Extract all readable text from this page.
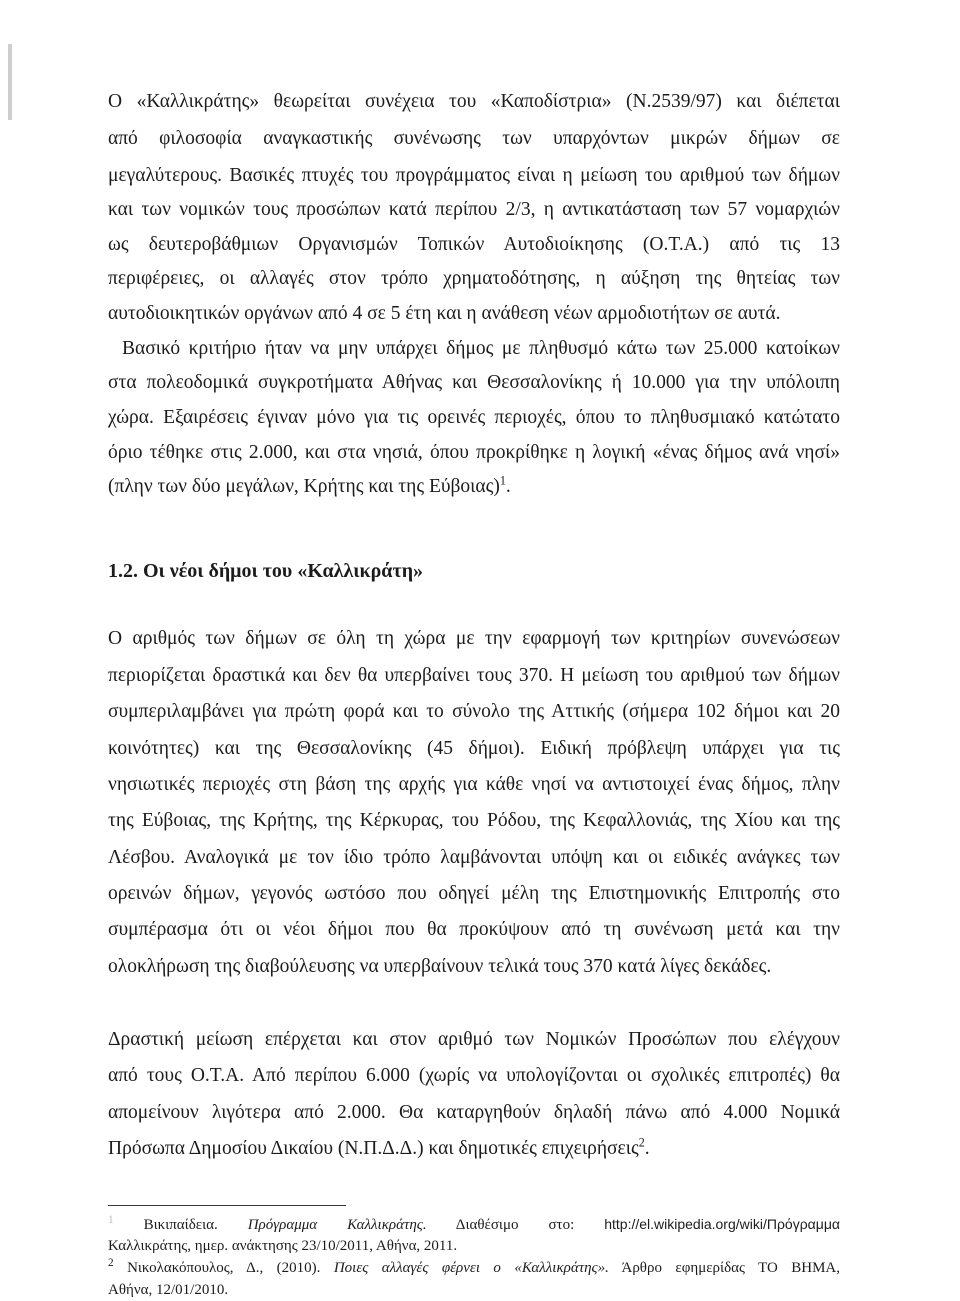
Ο «Καλλικράτης» θεωρείται συνέχεια του «Καποδίστρια» (Ν.2539/97) και διέπεται
από φιλοσοφία αναγκαστικής συνένωσης των υπαρχόντων μικρών δήμων σε
μεγαλύτερους. Βασικές πτυχές του προγράμματος είναι η μείωση του αριθμού των δήμων
και των νομικών τους προσώπων κατά περίπου 2/3, η αντικατάσταση των 57 νομαρχιών
ως δευτεροβάθμιων Οργανισμών Τοπικών Αυτοδιοίκησης (Ο.Τ.Α.) από τις 13
περιφέρειες, οι αλλαγές στον τρόπο χρηματοδότησης, η αύξηση της θητείας των
αυτοδιοικητικών οργάνων από 4 σε 5 έτη και η ανάθεση νέων αρμοδιοτήτων σε αυτά.
Βασικό κριτήριο ήταν να μην υπάρχει δήμος με πληθυσμό κάτω των 25.000 κατοίκων
στα πολεοδομικά συγκροτήματα Αθήνας και Θεσσαλονίκης ή 10.000 για την υπόλοιπη
χώρα. Εξαιρέσεις έγιναν μόνο για τις ορεινές περιοχές, όπου το πληθυσμιακό κατώτατο
όριο τέθηκε στις 2.000, και στα νησιά, όπου προκρίθηκε η λογική «ένας δήμος ανά νησί»
(πλην των δύο μεγάλων, Κρήτης και της Εύβοιας)$^1$.
1.2. Οι νέοι δήμοι του «Καλλικράτη»
Ο αριθμός των δήμων σε όλη τη χώρα με την εφαρμογή των κριτηρίων συνενώσεων
περιορίζεται δραστικά και δεν θα υπερβαίνει τους 370. Η μείωση του αριθμού των δήμων
συμπεριλαμβάνει για πρώτη φορά και το σύνολο της Αττικής (σήμερα 102 δήμοι και 20
κοινότητες) και της Θεσσαλονίκης (45 δήμοι). Ειδική πρόβλεψη υπάρχει για τις
νησιωτικές περιοχές στη βάση της αρχής για κάθε νησί να αντιστοιχεί ένας δήμος, πλην
της Εύβοιας, της Κρήτης, της Κέρκυρας, του Ρόδου, της Κεφαλλονιάς, της Χίου και της
Λέσβου. Αναλογικά με τον ίδιο τρόπο λαμβάνονται υπόψη και οι ειδικές ανάγκες των
ορεινών δήμων, γεγονός ωστόσο που οδηγεί μέλη της Επιστημονικής Επιτροπής στο
συμπέρασμα ότι οι νέοι δήμοι που θα προκύψουν από τη συνένωση μετά και την
ολοκλήρωση της διαβούλευσης να υπερβαίνουν τελικά τους 370 κατά λίγες δεκάδες.
Δραστική μείωση επέρχεται και στον αριθμό των Νομικών Προσώπων που ελέγχουν
από τους Ο.Τ.Α. Από περίπου 6.000 (χωρίς να υπολογίζονται οι σχολικές επιτροπές) θα
απομείνουν λιγότερα από 2.000. Θα καταργηθούν δηλαδή πάνω από 4.000 Νομικά
Πρόσωπα Δημοσίου Δικαίου (Ν.Π.Δ.Δ.) και δημοτικές επιχειρήσεις$^2$.
$^1$ Βικιπαίδεια. Πρόγραμμα Καλλικράτης. Διαθέσιμο στο: http://el.wikipedia.org/wiki/Πρόγραμμα
Καλλικράτης, ημερ. ανάκτησης 23/10/2011, Αθήνα, 2011.
$^2$ Νικολακόπουλος, Δ., (2010). Ποιες αλλαγές φέρνει ο «Καλλικράτης». Άρθρο εφημερίδας ΤΟ ΒΗΜΑ,
Αθήνα, 12/01/2010.
